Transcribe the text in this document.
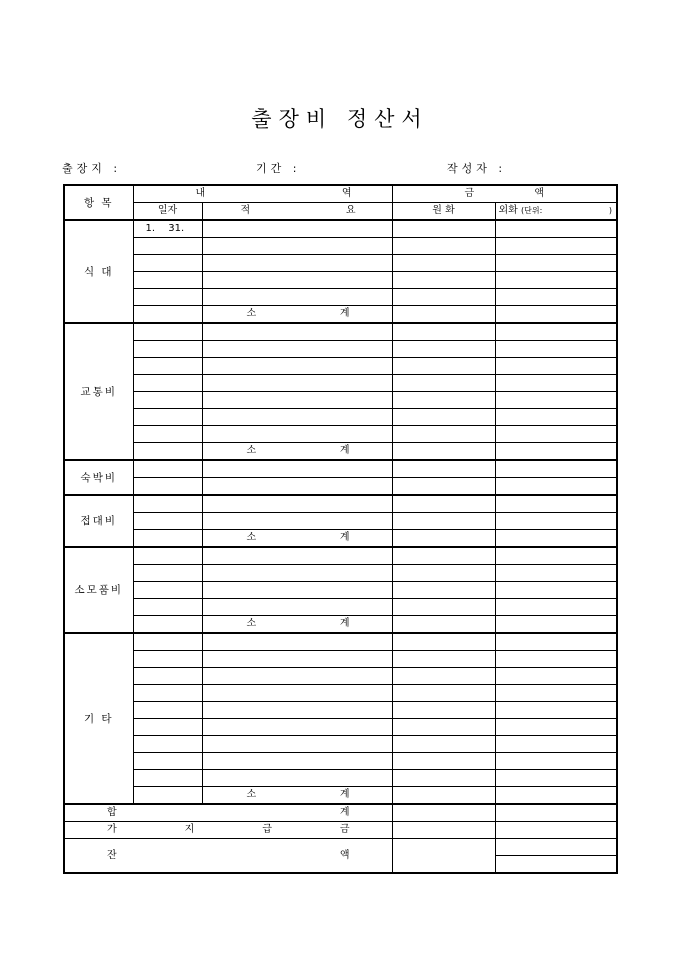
출장비 정산서
출장지 :	기간 :	작성자 :
항 목	내 역		금 액	

	일자	적 요	원 화	외화 (단위: )

식 대	1.　 31.			

		소 계		

교통비				

		소 계		

숙박비				

접대비				

		소 계		

소모품비				

		소 계		

기 타				

		소 계		

합 계				

가 지 급 금				

잔 액				
